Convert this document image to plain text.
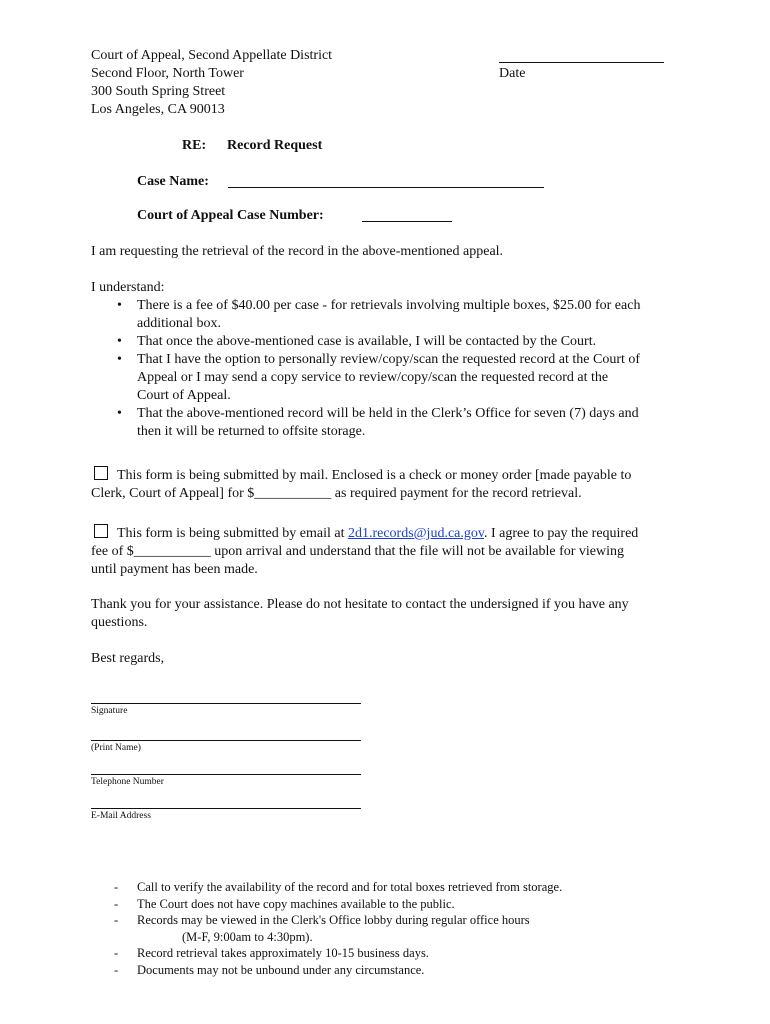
Court of Appeal, Second Appellate District
Second Floor, North Tower
300 South Spring Street
Los Angeles, CA 90013
Date
RE: Record Request
Case Name:
Court of Appeal Case Number:
I am requesting the retrieval of the record in the above-mentioned appeal.
I understand:
• There is a fee of $40.00 per case - for retrievals involving multiple boxes, $25.00 for each
additional box.
• That once the above-mentioned case is available, I will be contacted by the Court.
• That I have the option to personally review/copy/scan the requested record at the Court of
Appeal or I may send a copy service to review/copy/scan the requested record at the
Court of Appeal.
• That the above-mentioned record will be held in the Clerk’s Office for seven (7) days and
then it will be returned to offsite storage.
This form is being submitted by mail. Enclosed is a check or money order [made payable to
Clerk, Court of Appeal] for $___________ as required payment for the record retrieval.
This form is being submitted by email at 2d1.records@jud.ca.gov. I agree to pay the required
fee of $___________ upon arrival and understand that the file will not be available for viewing
until payment has been made.
Thank you for your assistance. Please do not hesitate to contact the undersigned if you have any
questions.
Best regards,
Signature
(Print Name)
Telephone Number
E-Mail Address
- Call to verify the availability of the record and for total boxes retrieved from storage.
- The Court does not have copy machines available to the public.
- Records may be viewed in the Clerk's Office lobby during regular office hours
(M-F, 9:00am to 4:30pm).
- Record retrieval takes approximately 10-15 business days.
- Documents may not be unbound under any circumstance.
